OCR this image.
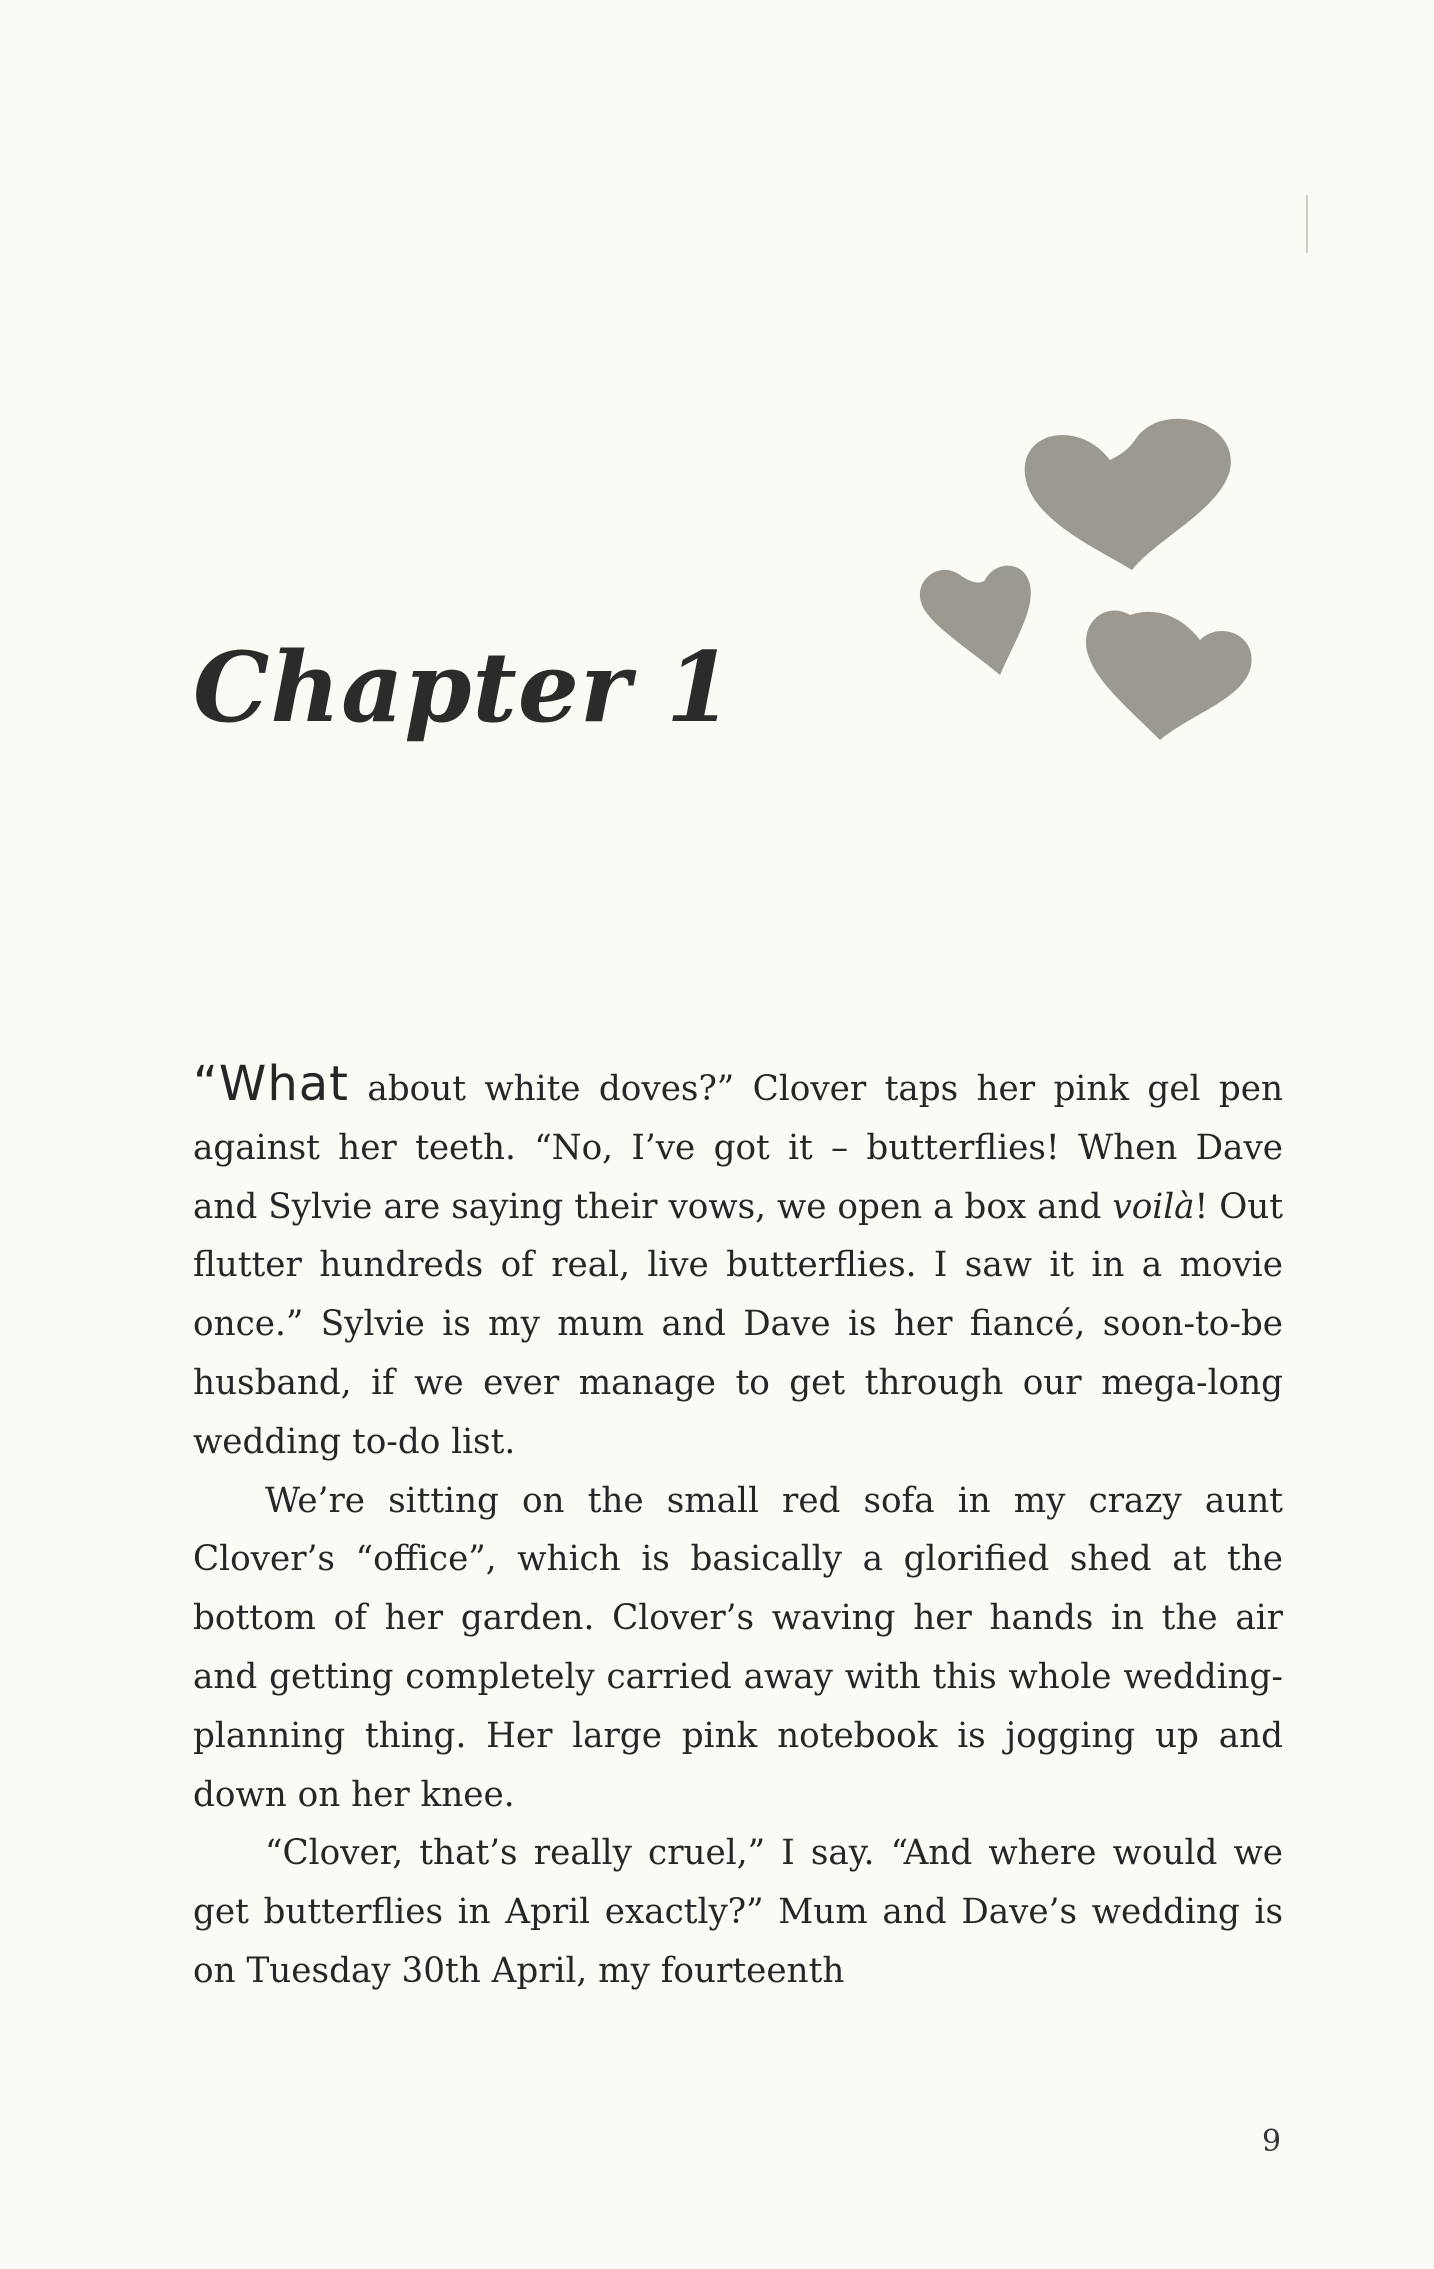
Chapter 1

“What about white doves?” Clover taps her pink gel pen against her teeth. “No, I’ve got it – butterflies! When Dave and Sylvie are saying their vows, we open a box and voilà! Out flutter hundreds of real, live butterflies. I saw it in a movie once.” Sylvie is my mum and Dave is her fiancé, soon-to-be husband, if we ever manage to get through our mega-long wedding to-do list.

We’re sitting on the small red sofa in my crazy aunt Clover’s “office”, which is basically a glorified shed at the bottom of her garden. Clover’s waving her hands in the air and getting completely carried away with this whole wedding-planning thing. Her large pink notebook is jogging up and down on her knee.

“Clover, that’s really cruel,” I say. “And where would we get butterflies in April exactly?” Mum and Dave’s wedding is on Tuesday 30th April, my fourteenth

9
